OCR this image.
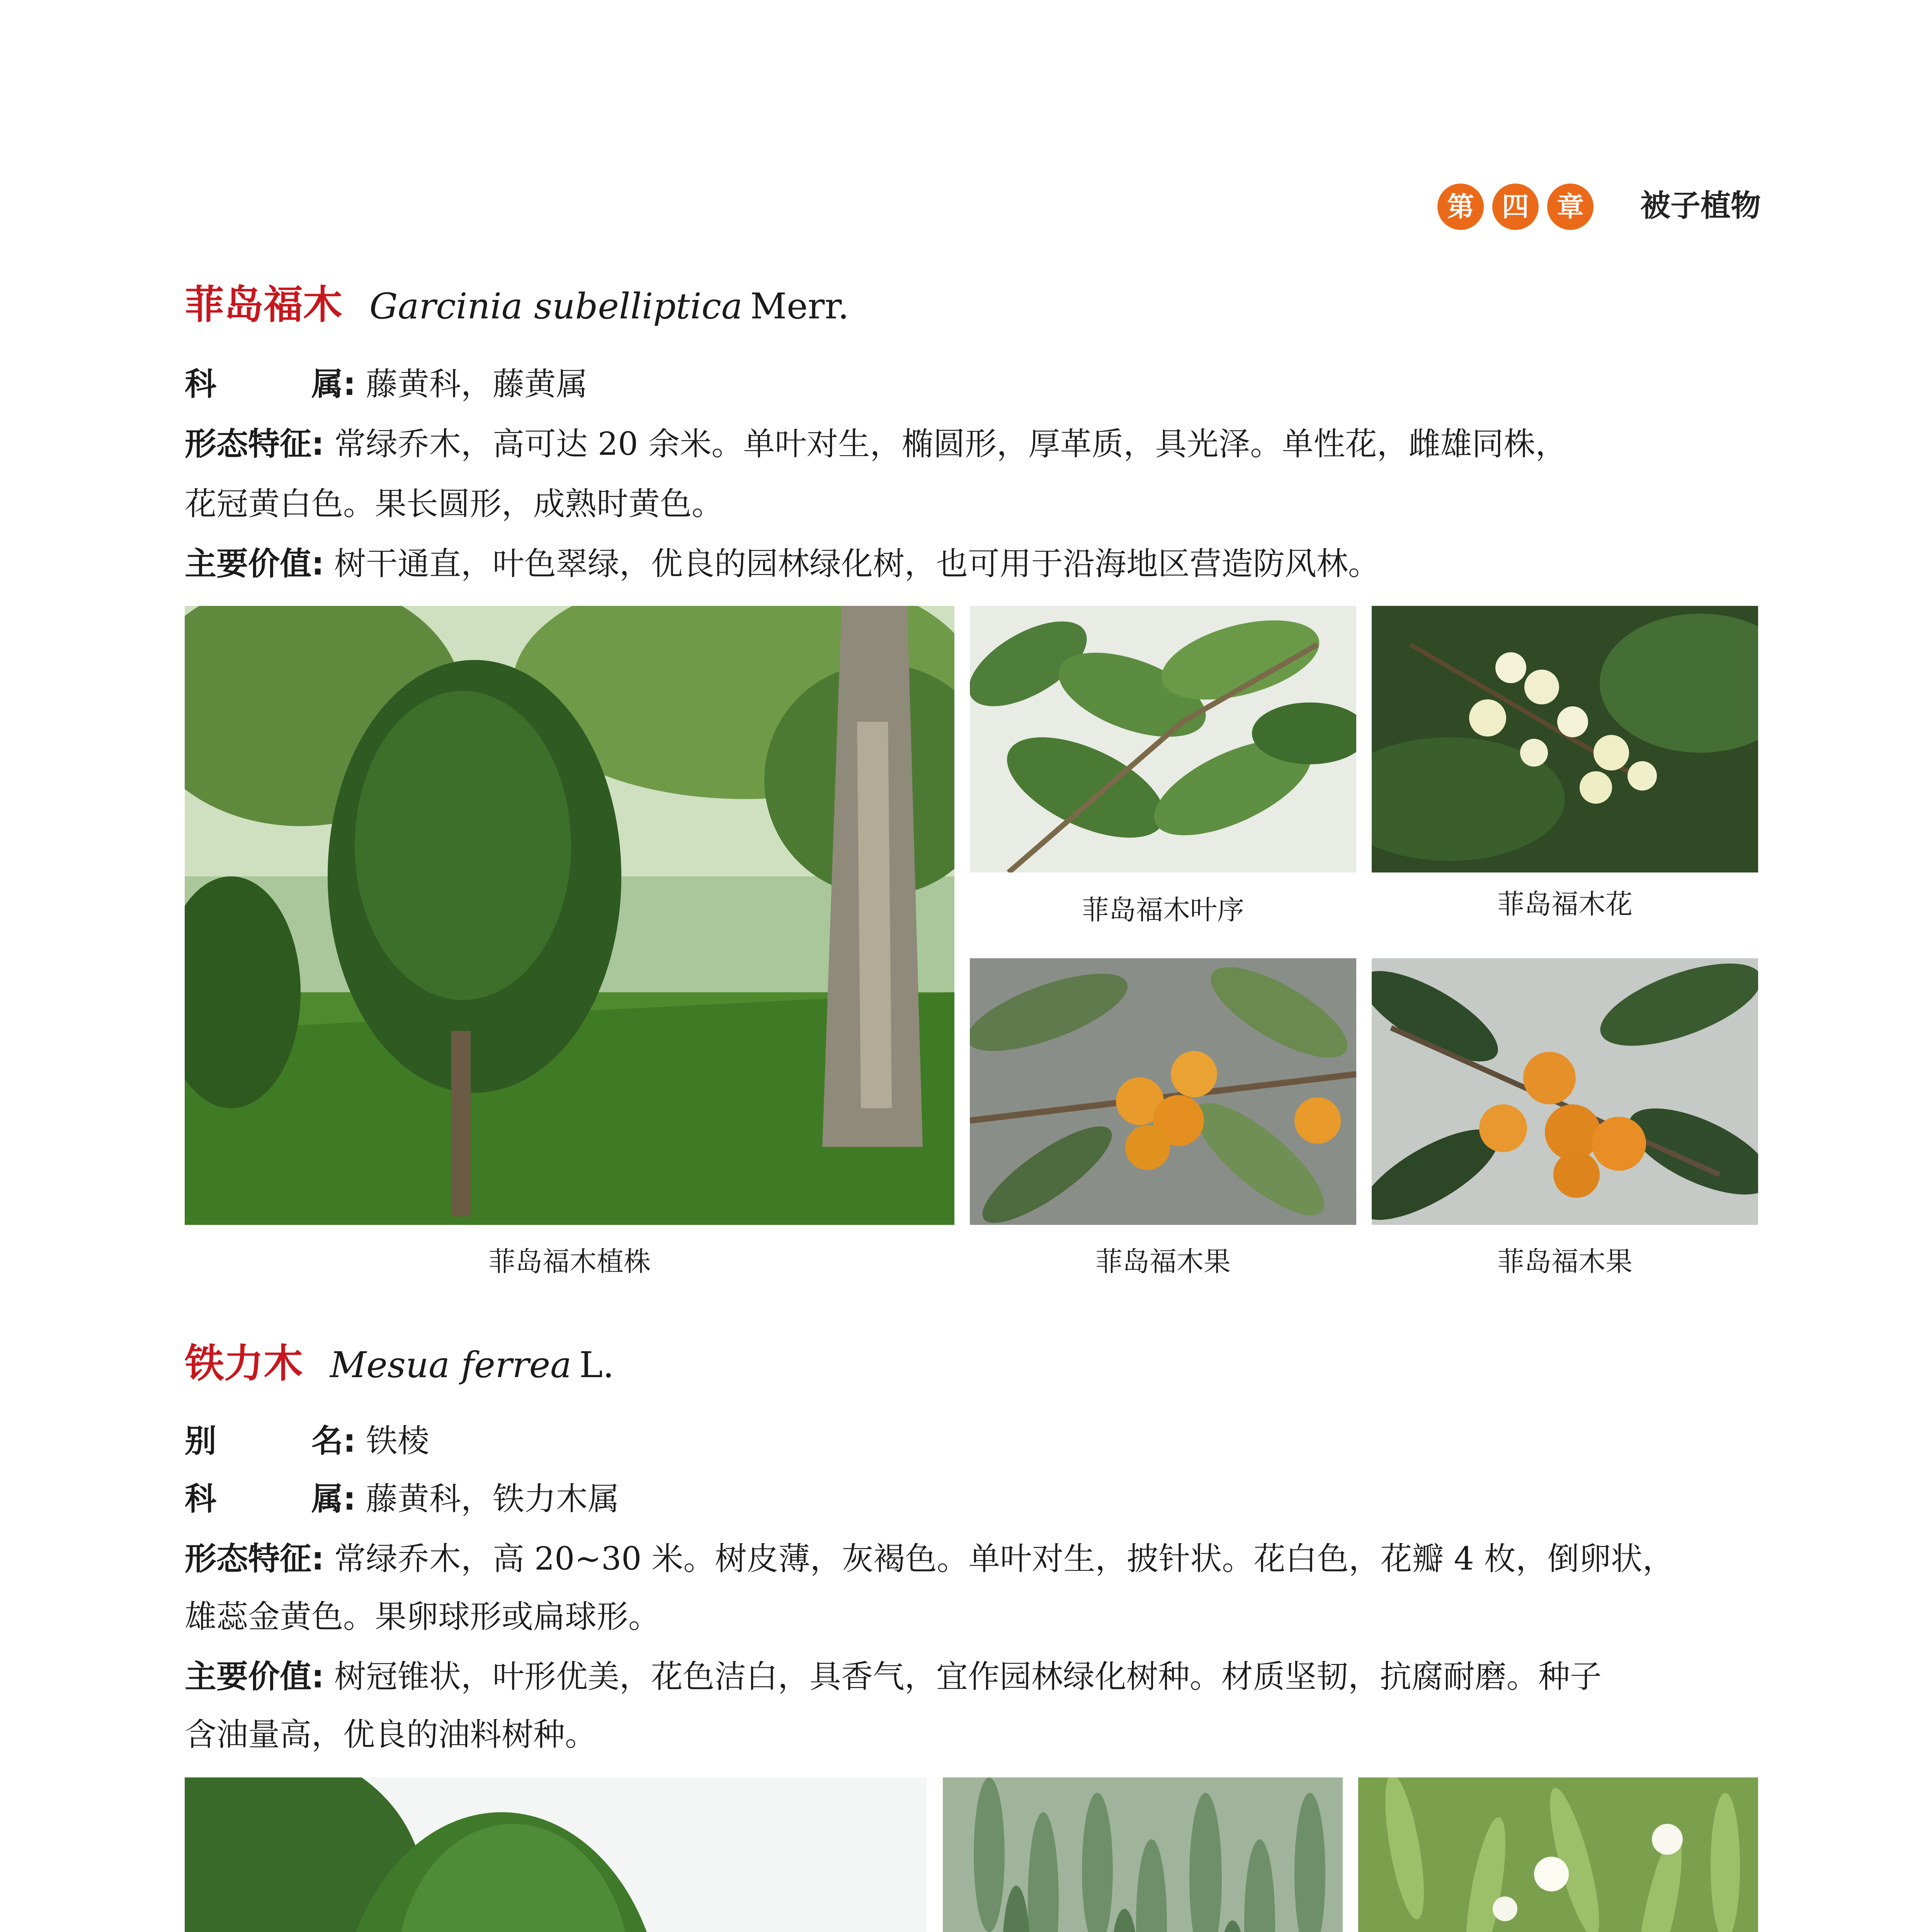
第	四	章	被子植物
菲岛福木 Garcinia subelliptica Merr.
科	属 : 藤黄科，藤黄属
形态特征: 常绿乔木，高可达 20 余米。单叶对生，椭圆形，厚革质，具光泽。单性花，雌雄同株，
花冠黄白色。果长圆形，成熟时黄色。
主要价值: 树干通直，叶色翠绿，优良的园林绿化树，也可用于沿海地区营造防风林。
菲岛福木植株
菲岛福木叶序	菲岛福木花
菲岛福木果	菲岛福木果
铁力木 Mesua ferrea L.
别	名 : 铁棱
科	属 : 藤黄科，铁力木属
形态特征: 常绿乔木，高 20~30 米。树皮薄，灰褐色。单叶对生，披针状。花白色，花瓣 4 枚，倒卵状，
雄蕊金黄色。果卵球形或扁球形。
主要价值: 树冠锥状，叶形优美，花色洁白，具香气，宜作园林绿化树种。材质坚韧，抗腐耐磨。种子
含油量高，优良的油料树种。
